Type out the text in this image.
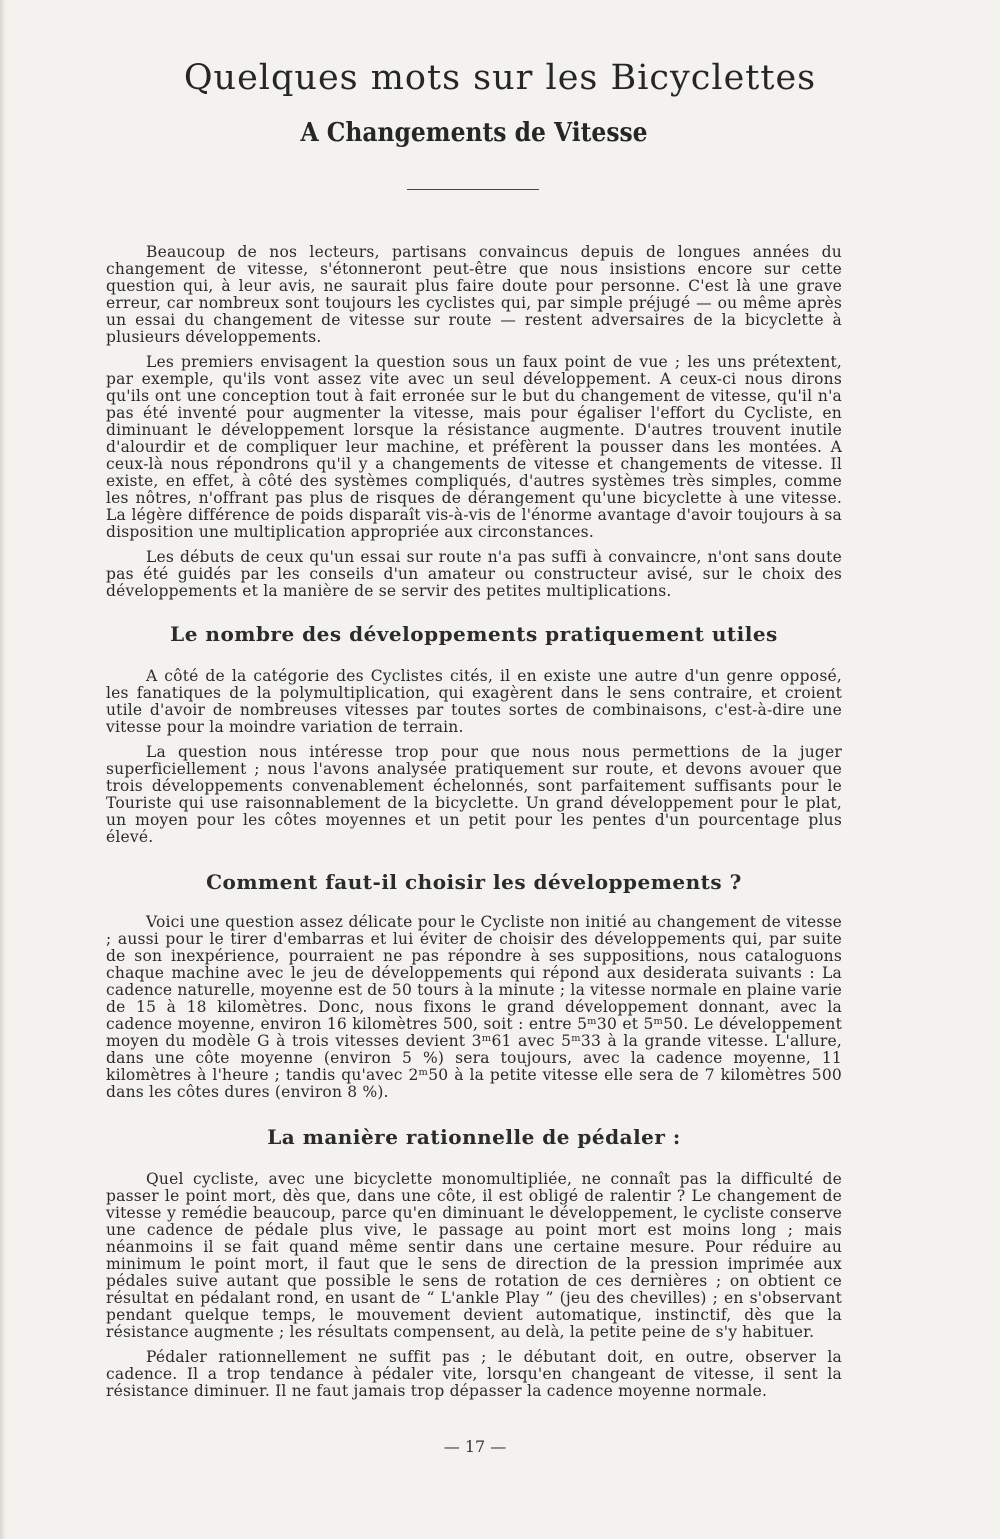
Quelques mots sur les Bicyclettes
A Changements de Vitesse

Beaucoup de nos lecteurs, partisans convaincus depuis de longues années du changement de vitesse, s'étonneront peut-être que nous insistions encore sur cette question qui, à leur avis, ne saurait plus faire doute pour personne. C'est là une grave erreur, car nombreux sont toujours les cyclistes qui, par simple préjugé — ou même après un essai du changement de vitesse sur route — restent adversaires de la bicyclette à plusieurs développements.

Les premiers envisagent la question sous un faux point de vue ; les uns prétextent, par exemple, qu'ils vont assez vite avec un seul développement. A ceux-ci nous dirons qu'ils ont une conception tout à fait erronée sur le but du changement de vitesse, qu'il n'a pas été inventé pour augmenter la vitesse, mais pour égaliser l'effort du Cycliste, en diminuant le développement lorsque la résistance augmente. D'autres trouvent inutile d'alourdir et de compliquer leur machine, et préfèrent la pousser dans les montées. A ceux-là nous répondrons qu'il y a changements de vitesse et changements de vitesse. Il existe, en effet, à côté des systèmes compliqués, d'autres systèmes très simples, comme les nôtres, n'offrant pas plus de risques de dérangement qu'une bicyclette à une vitesse. La légère différence de poids disparaît vis-à-vis de l'énorme avantage d'avoir toujours à sa disposition une multiplication appropriée aux circonstances.

Les débuts de ceux qu'un essai sur route n'a pas suffi à convaincre, n'ont sans doute pas été guidés par les conseils d'un amateur ou constructeur avisé, sur le choix des développements et la manière de se servir des petites multiplications.

Le nombre des développements pratiquement utiles

A côté de la catégorie des Cyclistes cités, il en existe une autre d'un genre opposé, les fanatiques de la polymultiplication, qui exagèrent dans le sens contraire, et croient utile d'avoir de nombreuses vitesses par toutes sortes de combinaisons, c'est-à-dire une vitesse pour la moindre variation de terrain.

La question nous intéresse trop pour que nous nous permettions de la juger superficiellement ; nous l'avons analysée pratiquement sur route, et devons avouer que trois développements convenablement échelonnés, sont parfaitement suffisants pour le Touriste qui use raisonnablement de la bicyclette. Un grand développement pour le plat, un moyen pour les côtes moyennes et un petit pour les pentes d'un pourcentage plus élevé.

Comment faut-il choisir les développements ?

Voici une question assez délicate pour le Cycliste non initié au changement de vitesse ; aussi pour le tirer d'embarras et lui éviter de choisir des développements qui, par suite de son inexpérience, pourraient ne pas répondre à ses suppositions, nous cataloguons chaque machine avec le jeu de développements qui répond aux desiderata suivants : La cadence naturelle, moyenne est de 50 tours à la minute ; la vitesse normale en plaine varie de 15 à 18 kilomètres. Donc, nous fixons le grand développement donnant, avec la cadence moyenne, environ 16 kilomètres 500, soit : entre 5ᵐ30 et 5ᵐ50. Le développement moyen du modèle G à trois vitesses devient 3ᵐ61 avec 5ᵐ33 à la grande vitesse. L'allure, dans une côte moyenne (environ 5 %) sera toujours, avec la cadence moyenne, 11 kilomètres à l'heure ; tandis qu'avec 2ᵐ50 à la petite vitesse elle sera de 7 kilomètres 500 dans les côtes dures (environ 8 %).

La manière rationnelle de pédaler :

Quel cycliste, avec une bicyclette monomultipliée, ne connaît pas la difficulté de passer le point mort, dès que, dans une côte, il est obligé de ralentir ? Le changement de vitesse y remédie beaucoup, parce qu'en diminuant le développement, le cycliste conserve une cadence de pédale plus vive, le passage au point mort est moins long ; mais néanmoins il se fait quand même sentir dans une certaine mesure. Pour réduire au minimum le point mort, il faut que le sens de direction de la pression imprimée aux pédales suive autant que possible le sens de rotation de ces dernières ; on obtient ce résultat en pédalant rond, en usant de “ L'ankle Play ” (jeu des chevilles) ; en s'observant pendant quelque temps, le mouvement devient automatique, instinctif, dès que la résistance augmente ; les résultats compensent, au delà, la petite peine de s'y habituer.

Pédaler rationnellement ne suffit pas ; le débutant doit, en outre, observer la cadence. Il a trop tendance à pédaler vite, lorsqu'en changeant de vitesse, il sent la résistance diminuer. Il ne faut jamais trop dépasser la cadence moyenne normale.

— 17 —
